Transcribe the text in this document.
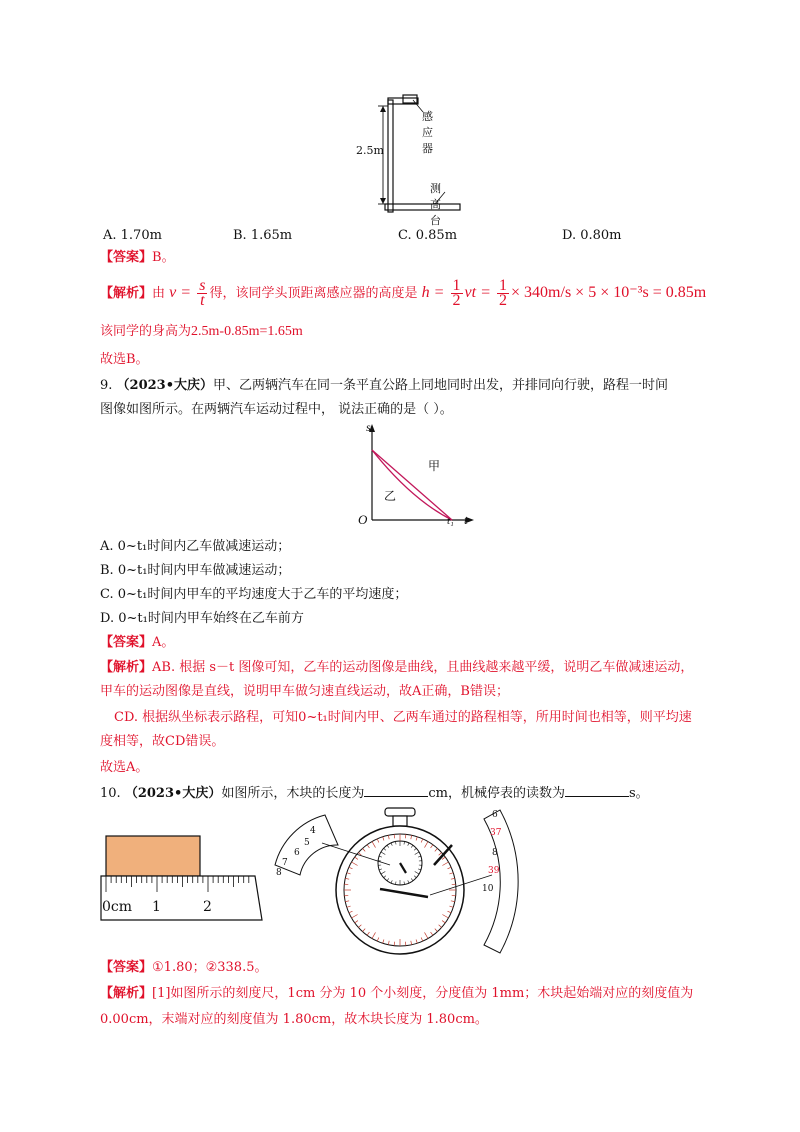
感应器
2.5m
测高台
A. 1.70m	B. 1.65m	C. 0.85m	D. 0.80m
【答案】B。
【解析】由 $v = \frac{s}{t}$ 得，该同学头顶距离感应器的高度是 $h = \frac{1}{2}$ vt = $\frac{1}{2} \times 340m/s \times 5 \times 10^{-3}s = 0.85m$
该同学的身高为2.5m-0.85m=1.65m
故选B。
9. （2023•大庆）甲、乙两辆汽车在同一条平直公路上同地同时出发，并排同向行驶，路程一时间
图像如图所示。在两辆汽车运动过程中， 说法正确的是（ ）。
s
t
O	t₁
甲
乙
A. 0~t₁时间内乙车做减速运动；
B. 0~t₁时间内甲车做减速运动；
C. 0~t₁时间内甲车的平均速度大于乙车的平均速度；
D. 0~t₁时间内甲车始终在乙车前方
【答案】A。
【解析】AB. 根据 s－t 图像可知，乙车的运动图像是曲线，且曲线越来越平缓，说明乙车做减速运动，
甲车的运动图像是直线，说明甲车做匀速直线运动，故A正确，B错误；
CD. 根据纵坐标表示路程，可知0~t₁时间内甲、乙两车通过的路程相等，所用时间也相等，则平均速
度相等，故CD错误。
故选A。
10. （2023•大庆）如图所示，木块的长度为	cm，机械停表的读数为	s。
0cm 1	2
4
5
6
7
8
6
37
8
39
10
【答案】①1.80；②338.5。
【解析】[1]如图所示的刻度尺，1cm 分为 10 个小刻度，分度值为 1mm；木块起始端对应的刻度值为
0.00cm，末端对应的刻度值为 1.80cm，故木块长度为 1.80cm。
